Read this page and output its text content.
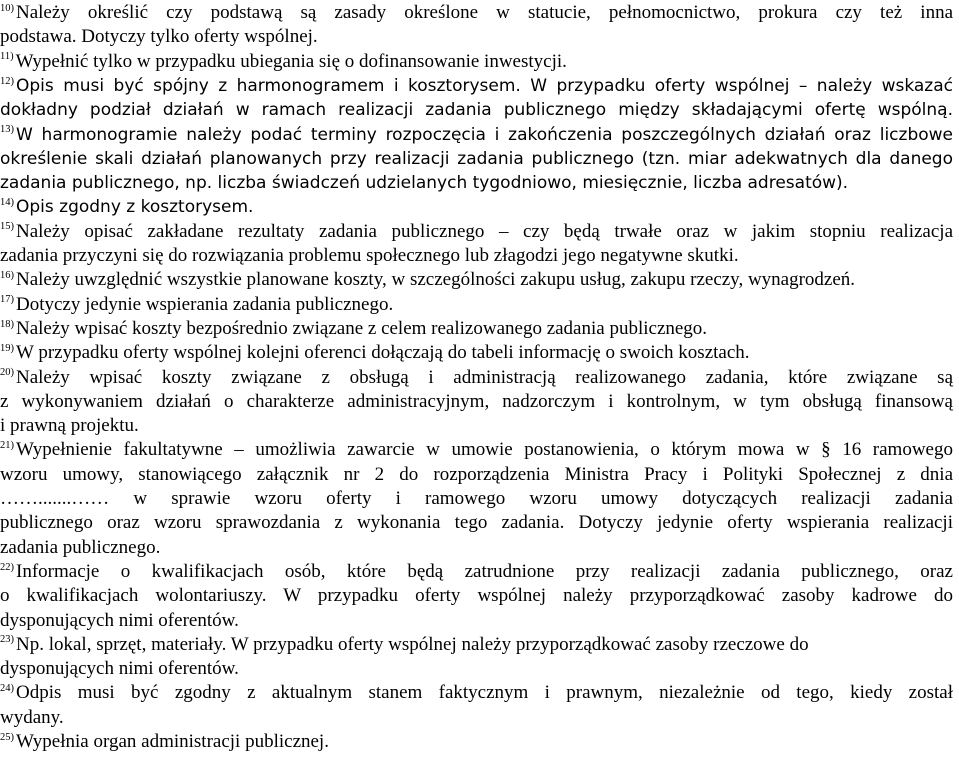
$^{10)}$ Należy określić czy podstawą są zasady określone w statucie, pełnomocnictwo, prokura czy też inna
podstawa. Dotyczy tylko oferty wspólnej.
$^{11)}$ Wypełnić tylko w przypadku ubiegania się o dofinansowanie inwestycji.
$^{12)}$ Opis musi być spójny z harmonogramem i kosztorysem. W przypadku oferty wspólnej – należy wskazać
dokładny podział działań w ramach realizacji zadania publicznego między składającymi ofertę wspólną.
$^{13)}$ W harmonogramie należy podać terminy rozpoczęcia i zakończenia poszczególnych działań oraz liczbowe
określenie skali działań planowanych przy realizacji zadania publicznego (tzn. miar adekwatnych dla danego
zadania publicznego, np. liczba świadczeń udzielanych tygodniowo, miesięcznie, liczba adresatów).
$^{14)}$ Opis zgodny z kosztorysem.
$^{15)}$ Należy opisać zakładane rezultaty zadania publicznego – czy będą trwałe oraz w jakim stopniu realizacja
zadania przyczyni się do rozwiązania problemu społecznego lub złagodzi jego negatywne skutki.
$^{16)}$ Należy uwzględnić wszystkie planowane koszty, w szczególności zakupu usług, zakupu rzeczy, wynagrodzeń.
$^{17)}$ Dotyczy jedynie wspierania zadania publicznego.
$^{18)}$ Należy wpisać koszty bezpośrednio związane z celem realizowanego zadania publicznego.
$^{19)}$ W przypadku oferty wspólnej kolejni oferenci dołączają do tabeli informację o swoich kosztach.
$^{20)}$ Należy wpisać koszty związane z obsługą i administracją realizowanego zadania, które związane są
z wykonywaniem działań o charakterze administracyjnym, nadzorczym i kontrolnym, w tym obsługą finansową
i prawną projektu.
$^{21)}$ Wypełnienie fakultatywne – umożliwia zawarcie w umowie postanowienia, o którym mowa w § 16 ramowego
wzoru umowy, stanowiącego załącznik nr 2 do rozporządzenia Ministra Pracy i Polityki Społecznej z dnia
…….......…… w sprawie wzoru oferty i ramowego wzoru umowy dotyczących realizacji zadania
publicznego oraz wzoru sprawozdania z wykonania tego zadania. Dotyczy jedynie oferty wspierania realizacji
zadania publicznego.
$^{22)}$ Informacje o kwalifikacjach osób, które będą zatrudnione przy realizacji zadania publicznego, oraz
o kwalifikacjach wolontariuszy. W przypadku oferty wspólnej należy przyporządkować zasoby kadrowe do
dysponujących nimi oferentów.
$^{23)}$ Np. lokal, sprzęt, materiały. W przypadku oferty wspólnej należy przyporządkować zasoby rzeczowe do
dysponujących nimi oferentów.
$^{24)}$ Odpis musi być zgodny z aktualnym stanem faktycznym i prawnym, niezależnie od tego, kiedy został
wydany.
$^{25)}$ Wypełnia organ administracji publicznej.
